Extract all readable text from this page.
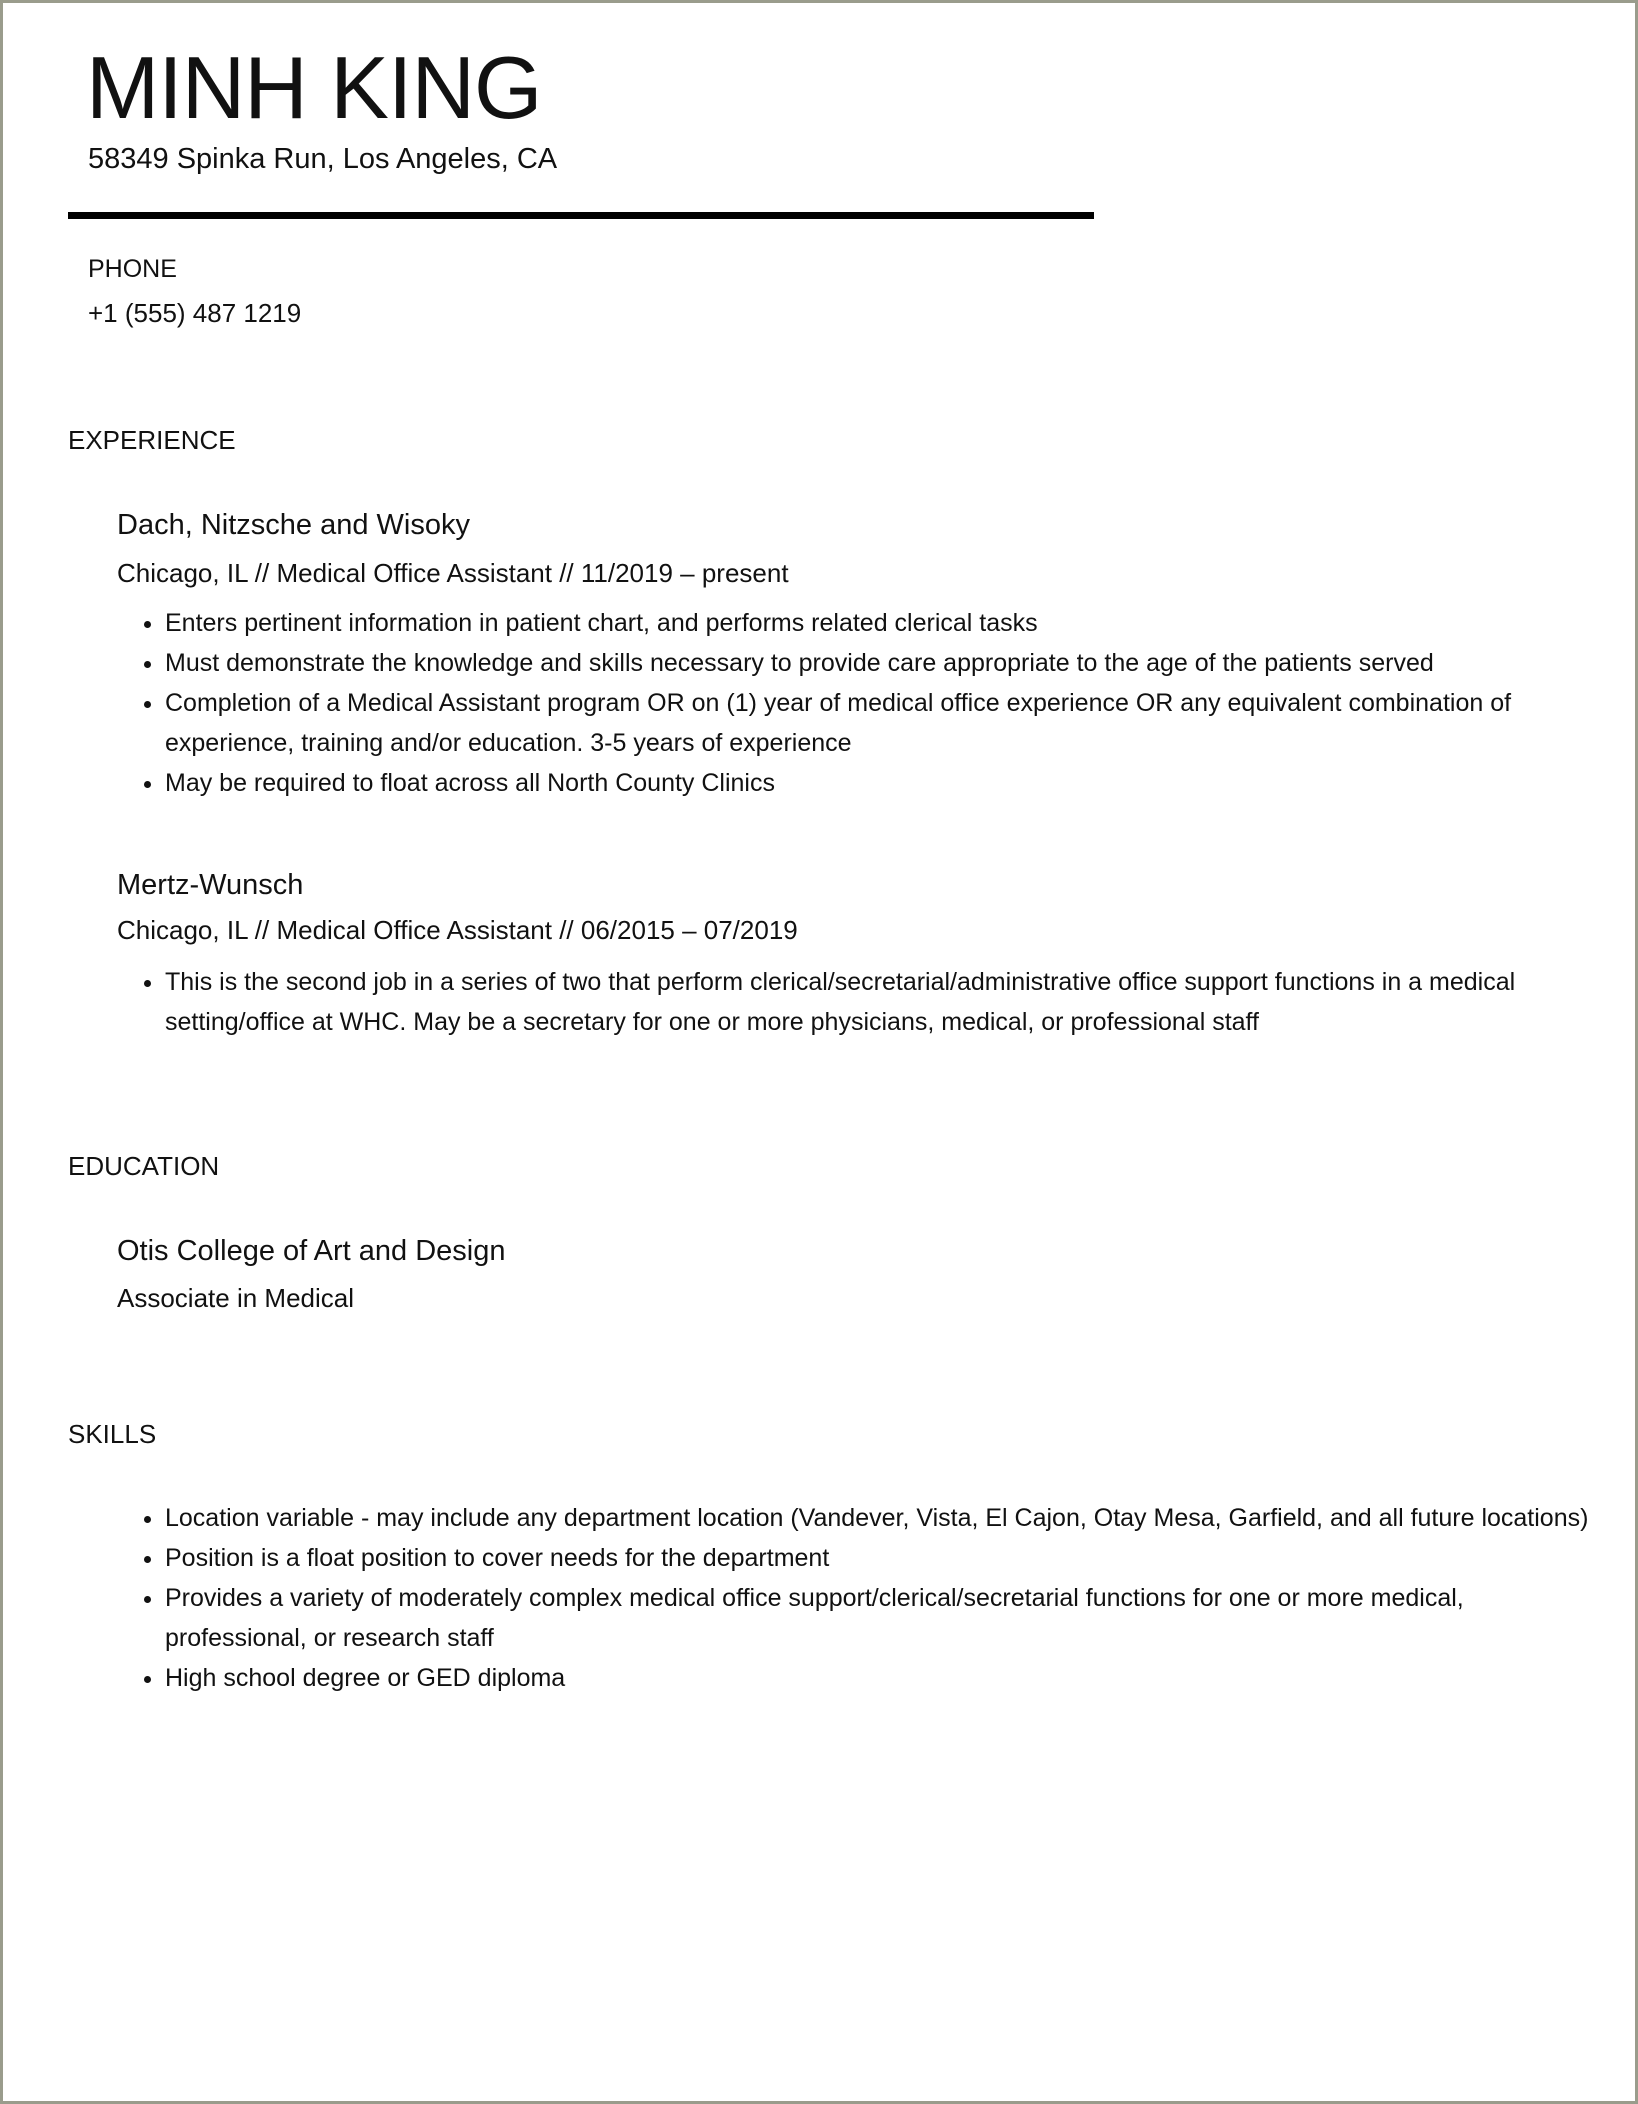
MINH KING
58349 Spinka Run, Los Angeles, CA
PHONE
+1 (555) 487 1219
EXPERIENCE
Dach, Nitzsche and Wisoky
Chicago, IL // Medical Office Assistant // 11/2019 – present
• Enters pertinent information in patient chart, and performs related clerical tasks
• Must demonstrate the knowledge and skills necessary to provide care appropriate to the age of the patients served
• Completion of a Medical Assistant program OR on (1) year of medical office experience OR any equivalent combination of experience, training and/or education. 3-5 years of experience
• May be required to float across all North County Clinics
Mertz-Wunsch
Chicago, IL // Medical Office Assistant // 06/2015 – 07/2019
• This is the second job in a series of two that perform clerical/secretarial/administrative office support functions in a medical setting/office at WHC. May be a secretary for one or more physicians, medical, or professional staff
EDUCATION
Otis College of Art and Design
Associate in Medical
SKILLS
• Location variable - may include any department location (Vandever, Vista, El Cajon, Otay Mesa, Garfield, and all future locations)
• Position is a float position to cover needs for the department
• Provides a variety of moderately complex medical office support/clerical/secretarial functions for one or more medical, professional, or research staff
• High school degree or GED diploma
